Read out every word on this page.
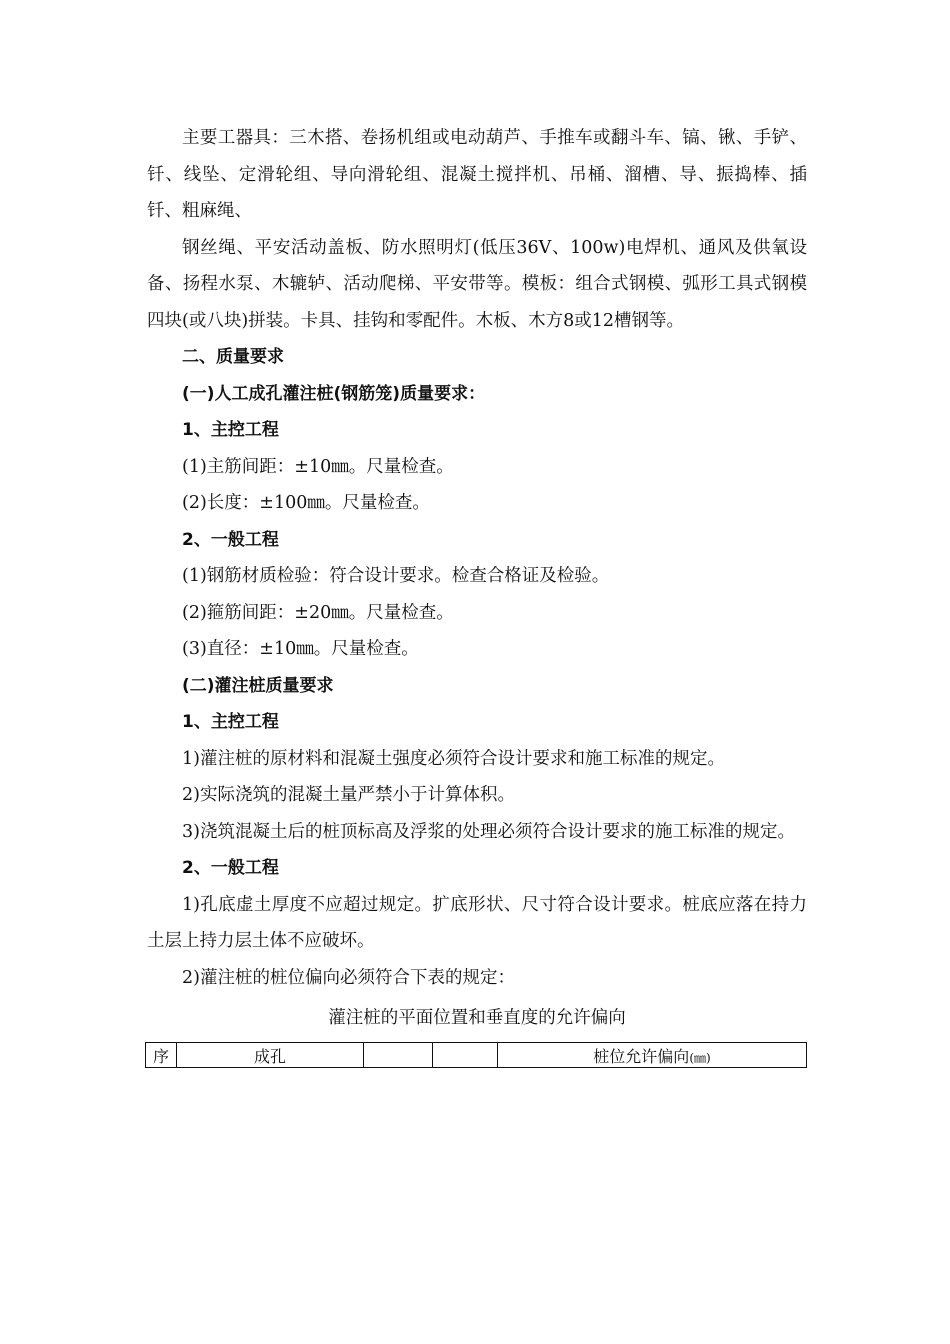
主要工器具：三木搭、卷扬机组或电动葫芦、手推车或翻斗车、镐、锹、手铲、钎、线坠、定滑轮组、导向滑轮组、混凝土搅拌机、吊桶、溜槽、导、振捣棒、插钎、粗麻绳、

钢丝绳、平安活动盖板、防水照明灯(低压36V、100w)电焊机、通风及供氧设备、扬程水泵、木辘轳、活动爬梯、平安带等。模板：组合式钢模、弧形工具式钢模四块(或八块)拼装。卡具、挂钩和零配件。木板、木方8或12槽钢等。

二、质量要求

(一)人工成孔灌注桩(钢筋笼)质量要求：

1、主控工程

(1)主筋间距：±10㎜。尺量检查。

(2)长度：±100㎜。尺量检查。

2、一般工程

(1)钢筋材质检验：符合设计要求。检查合格证及检验。

(2)箍筋间距：±20㎜。尺量检查。

(3)直径：±10㎜。尺量检查。

(二)灌注桩质量要求

1、主控工程

1)灌注桩的原材料和混凝土强度必须符合设计要求和施工标准的规定。

2)实际浇筑的混凝土量严禁小于计算体积。

3)浇筑混凝土后的桩顶标高及浮浆的处理必须符合设计要求的施工标准的规定。

2、一般工程

1)孔底虚土厚度不应超过规定。扩底形状、尺寸符合设计要求。桩底应落在持力土层上持力层土体不应破坏。

2)灌注桩的桩位偏向必须符合下表的规定：

灌注桩的平面位置和垂直度的允许偏向

序	成孔			桩位允许偏向(㎜)
